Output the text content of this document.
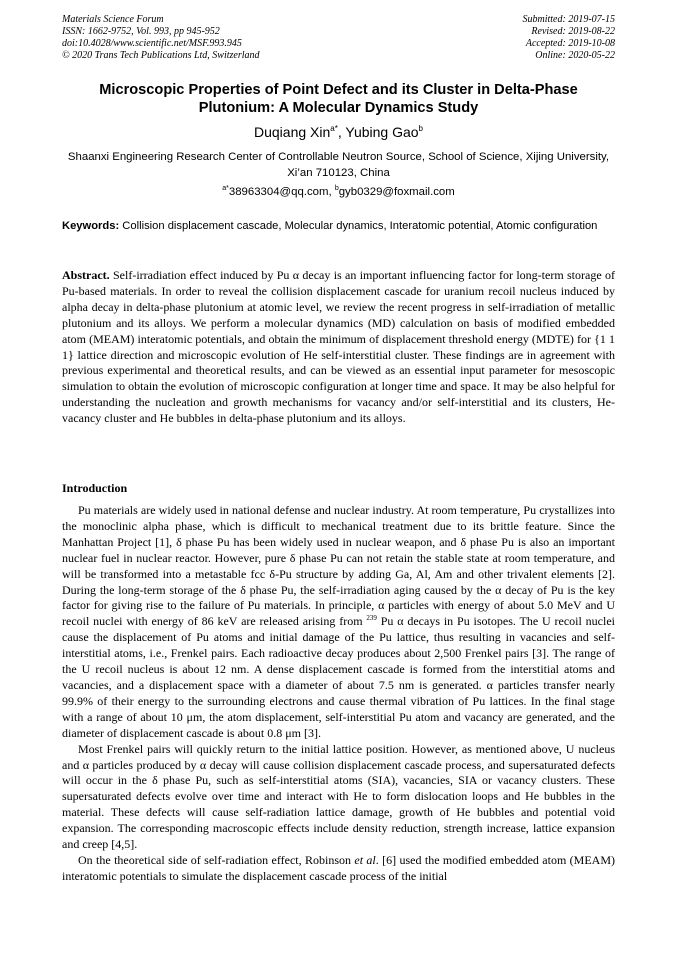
Materials Science Forum
ISSN: 1662-9752, Vol. 993, pp 945-952
doi:10.4028/www.scientific.net/MSF.993.945
© 2020 Trans Tech Publications Ltd, Switzerland
Submitted: 2019-07-15
Revised: 2019-08-22
Accepted: 2019-10-08
Online: 2020-05-22
Microscopic Properties of Point Defect and its Cluster in Delta-Phase Plutonium: A Molecular Dynamics Study
Duqiang Xin$^{a*}$, Yubing Gao$^b$
Shaanxi Engineering Research Center of Controllable Neutron Source, School of Science, Xijing University, Xi’an 710123, China
$^{a*}$38963304@qq.com, $^b$gyb0329@foxmail.com
Keywords: Collision displacement cascade, Molecular dynamics, Interatomic potential, Atomic configuration
Abstract. Self-irradiation effect induced by Pu α decay is an important influencing factor for long-term storage of Pu-based materials. In order to reveal the collision displacement cascade for uranium recoil nucleus induced by alpha decay in delta-phase plutonium at atomic level, we review the recent progress in self-irradiation of metallic plutonium and its alloys. We perform a molecular dynamics (MD) calculation on basis of modified embedded atom (MEAM) interatomic potentials, and obtain the minimum of displacement threshold energy (MDTE) for {1 1 1} lattice direction and microscopic evolution of He self-interstitial cluster. These findings are in agreement with previous experimental and theoretical results, and can be viewed as an essential input parameter for mesoscopic simulation to obtain the evolution of microscopic configuration at longer time and space. It may be also helpful for understanding the nucleation and growth mechanisms for vacancy and/or self-interstitial and its clusters, He-vacancy cluster and He bubbles in delta-phase plutonium and its alloys.
Introduction

Pu materials are widely used in national defense and nuclear industry. At room temperature, Pu crystallizes into the monoclinic alpha phase, which is difficult to mechanical treatment due to its brittle feature. Since the Manhattan Project [1], δ phase Pu has been widely used in nuclear weapon, and δ phase Pu is also an important nuclear fuel in nuclear reactor. However, pure δ phase Pu can not retain the stable state at room temperature, and will be transformed into a metastable fcc δ-Pu structure by adding Ga, Al, Am and other trivalent elements [2]. During the long-term storage of the δ phase Pu, the self-irradiation aging caused by the α decay of Pu is the key factor for giving rise to the failure of Pu materials. In principle, α particles with energy of about 5.0 MeV and U recoil nuclei with energy of 86 keV are released arising from $^{239}$ Pu α decays in Pu isotopes. The U recoil nuclei cause the displacement of Pu atoms and initial damage of the Pu lattice, thus resulting in vacancies and self-interstitial atoms, i.e., Frenkel pairs. Each radioactive decay produces about 2,500 Frenkel pairs [3]. The range of the U recoil nucleus is about 12 nm. A dense displacement cascade is formed from the interstitial atoms and vacancies, and a displacement space with a diameter of about 7.5 nm is generated. α particles transfer nearly 99.9% of their energy to the surrounding electrons and cause thermal vibration of Pu lattices. In the final stage with a range of about 10 μm, the atom displacement, self-interstitial Pu atom and vacancy are generated, and the diameter of displacement cascade is about 0.8 μm [3].

Most Frenkel pairs will quickly return to the initial lattice position. However, as mentioned above, U nucleus and α particles produced by α decay will cause collision displacement cascade process, and supersaturated defects will occur in the δ phase Pu, such as self-interstitial atoms (SIA), vacancies, SIA or vacancy clusters. These supersaturated defects evolve over time and interact with He to form dislocation loops and He bubbles in the material. These defects will cause self-radiation lattice damage, growth of He bubbles and potential void expansion. The corresponding macroscopic effects include density reduction, strength increase, lattice expansion and creep [4,5].

On the theoretical side of self-radiation effect, Robinson et al. [6] used the modified embedded atom (MEAM) interatomic potentials to simulate the displacement cascade process of the initial
